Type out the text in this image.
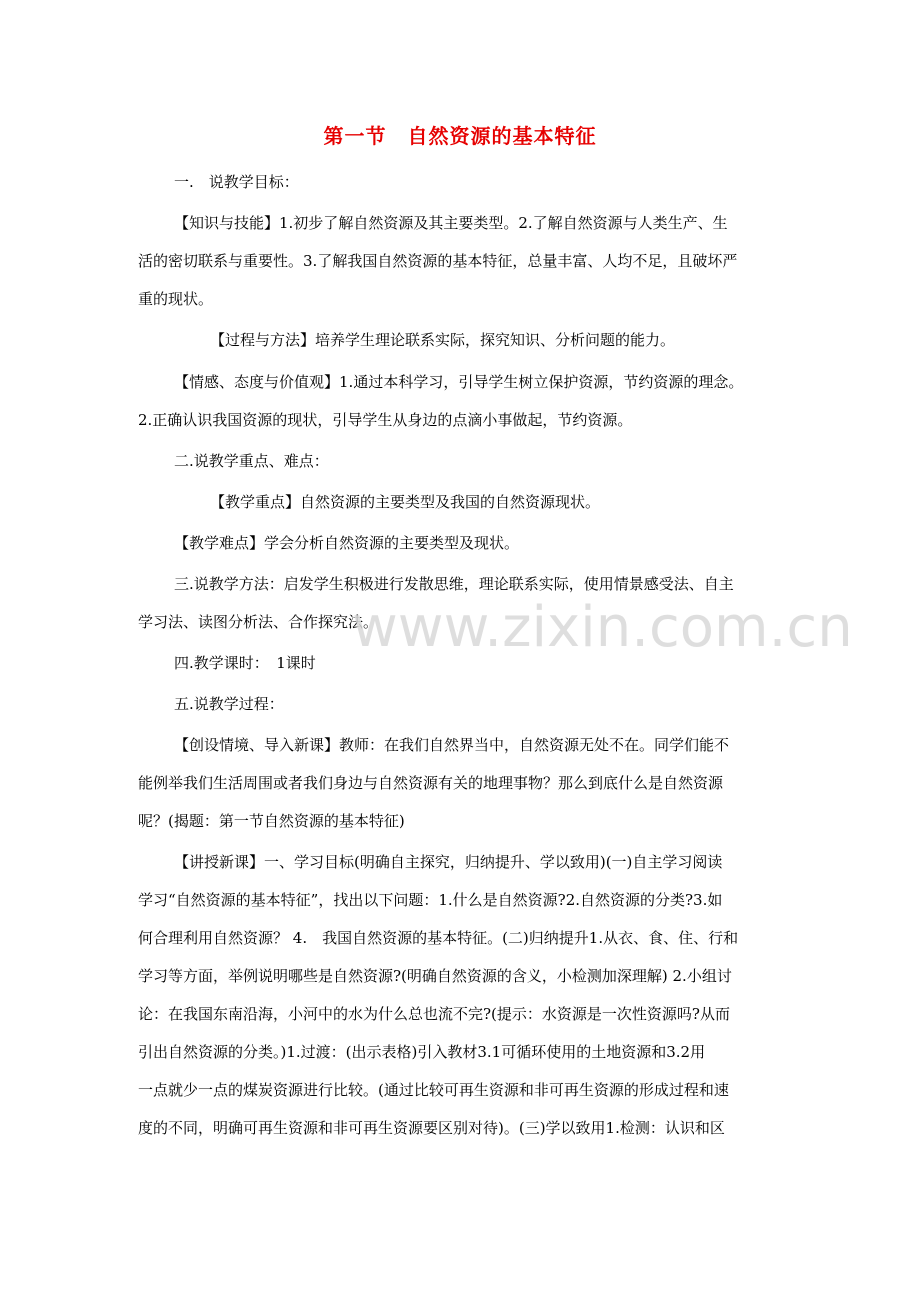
第一节　自然资源的基本特征
一.　说教学目标：
【知识与技能】1.初步了解自然资源及其主要类型。2.了解自然资源与人类生产、生
活的密切联系与重要性。3.了解我国自然资源的基本特征，总量丰富、人均不足，且破坏严
重的现状。
【过程与方法】培养学生理论联系实际，探究知识、分析问题的能力。
【情感、态度与价值观】1.通过本科学习，引导学生树立保护资源，节约资源的理念。
2.正确认识我国资源的现状，引导学生从身边的点滴小事做起，节约资源。
二.说教学重点、难点：
【教学重点】自然资源的主要类型及我国的自然资源现状。
【教学难点】学会分析自然资源的主要类型及现状。
三.说教学方法：启发学生积极进行发散思维，理论联系实际，使用情景感受法、自主
学习法、读图分析法、合作探究法。
四.教学课时：　1课时
五.说教学过程：
【创设情境、导入新课】教师：在我们自然界当中，自然资源无处不在。同学们能不
能例举我们生活周围或者我们身边与自然资源有关的地理事物？那么到底什么是自然资源
呢？(揭题：第一节自然资源的基本特征)
【讲授新课】一、学习目标(明确自主探究，归纳提升、学以致用)(一)自主学习阅读
学习“自然资源的基本特征”，找出以下问题：1.什么是自然资源?2.自然资源的分类?3.如
何合理利用自然资源？ 4.　我国自然资源的基本特征。(二)归纳提升1.从衣、食、住、行和
学习等方面，举例说明哪些是自然资源?(明确自然资源的含义，小检测加深理解) 2.小组讨
论：在我国东南沿海，小河中的水为什么总也流不完?(提示：水资源是一次性资源吗?从而
引出自然资源的分类。)1.过渡：(出示表格)引入教材3.1可循环使用的土地资源和3.2用
一点就少一点的煤炭资源进行比较。(通过比较可再生资源和非可再生资源的形成过程和速
度的不同，明确可再生资源和非可再生资源要区别对待)。(三)学以致用1.检测：认识和区
www.zixin.com.cn
